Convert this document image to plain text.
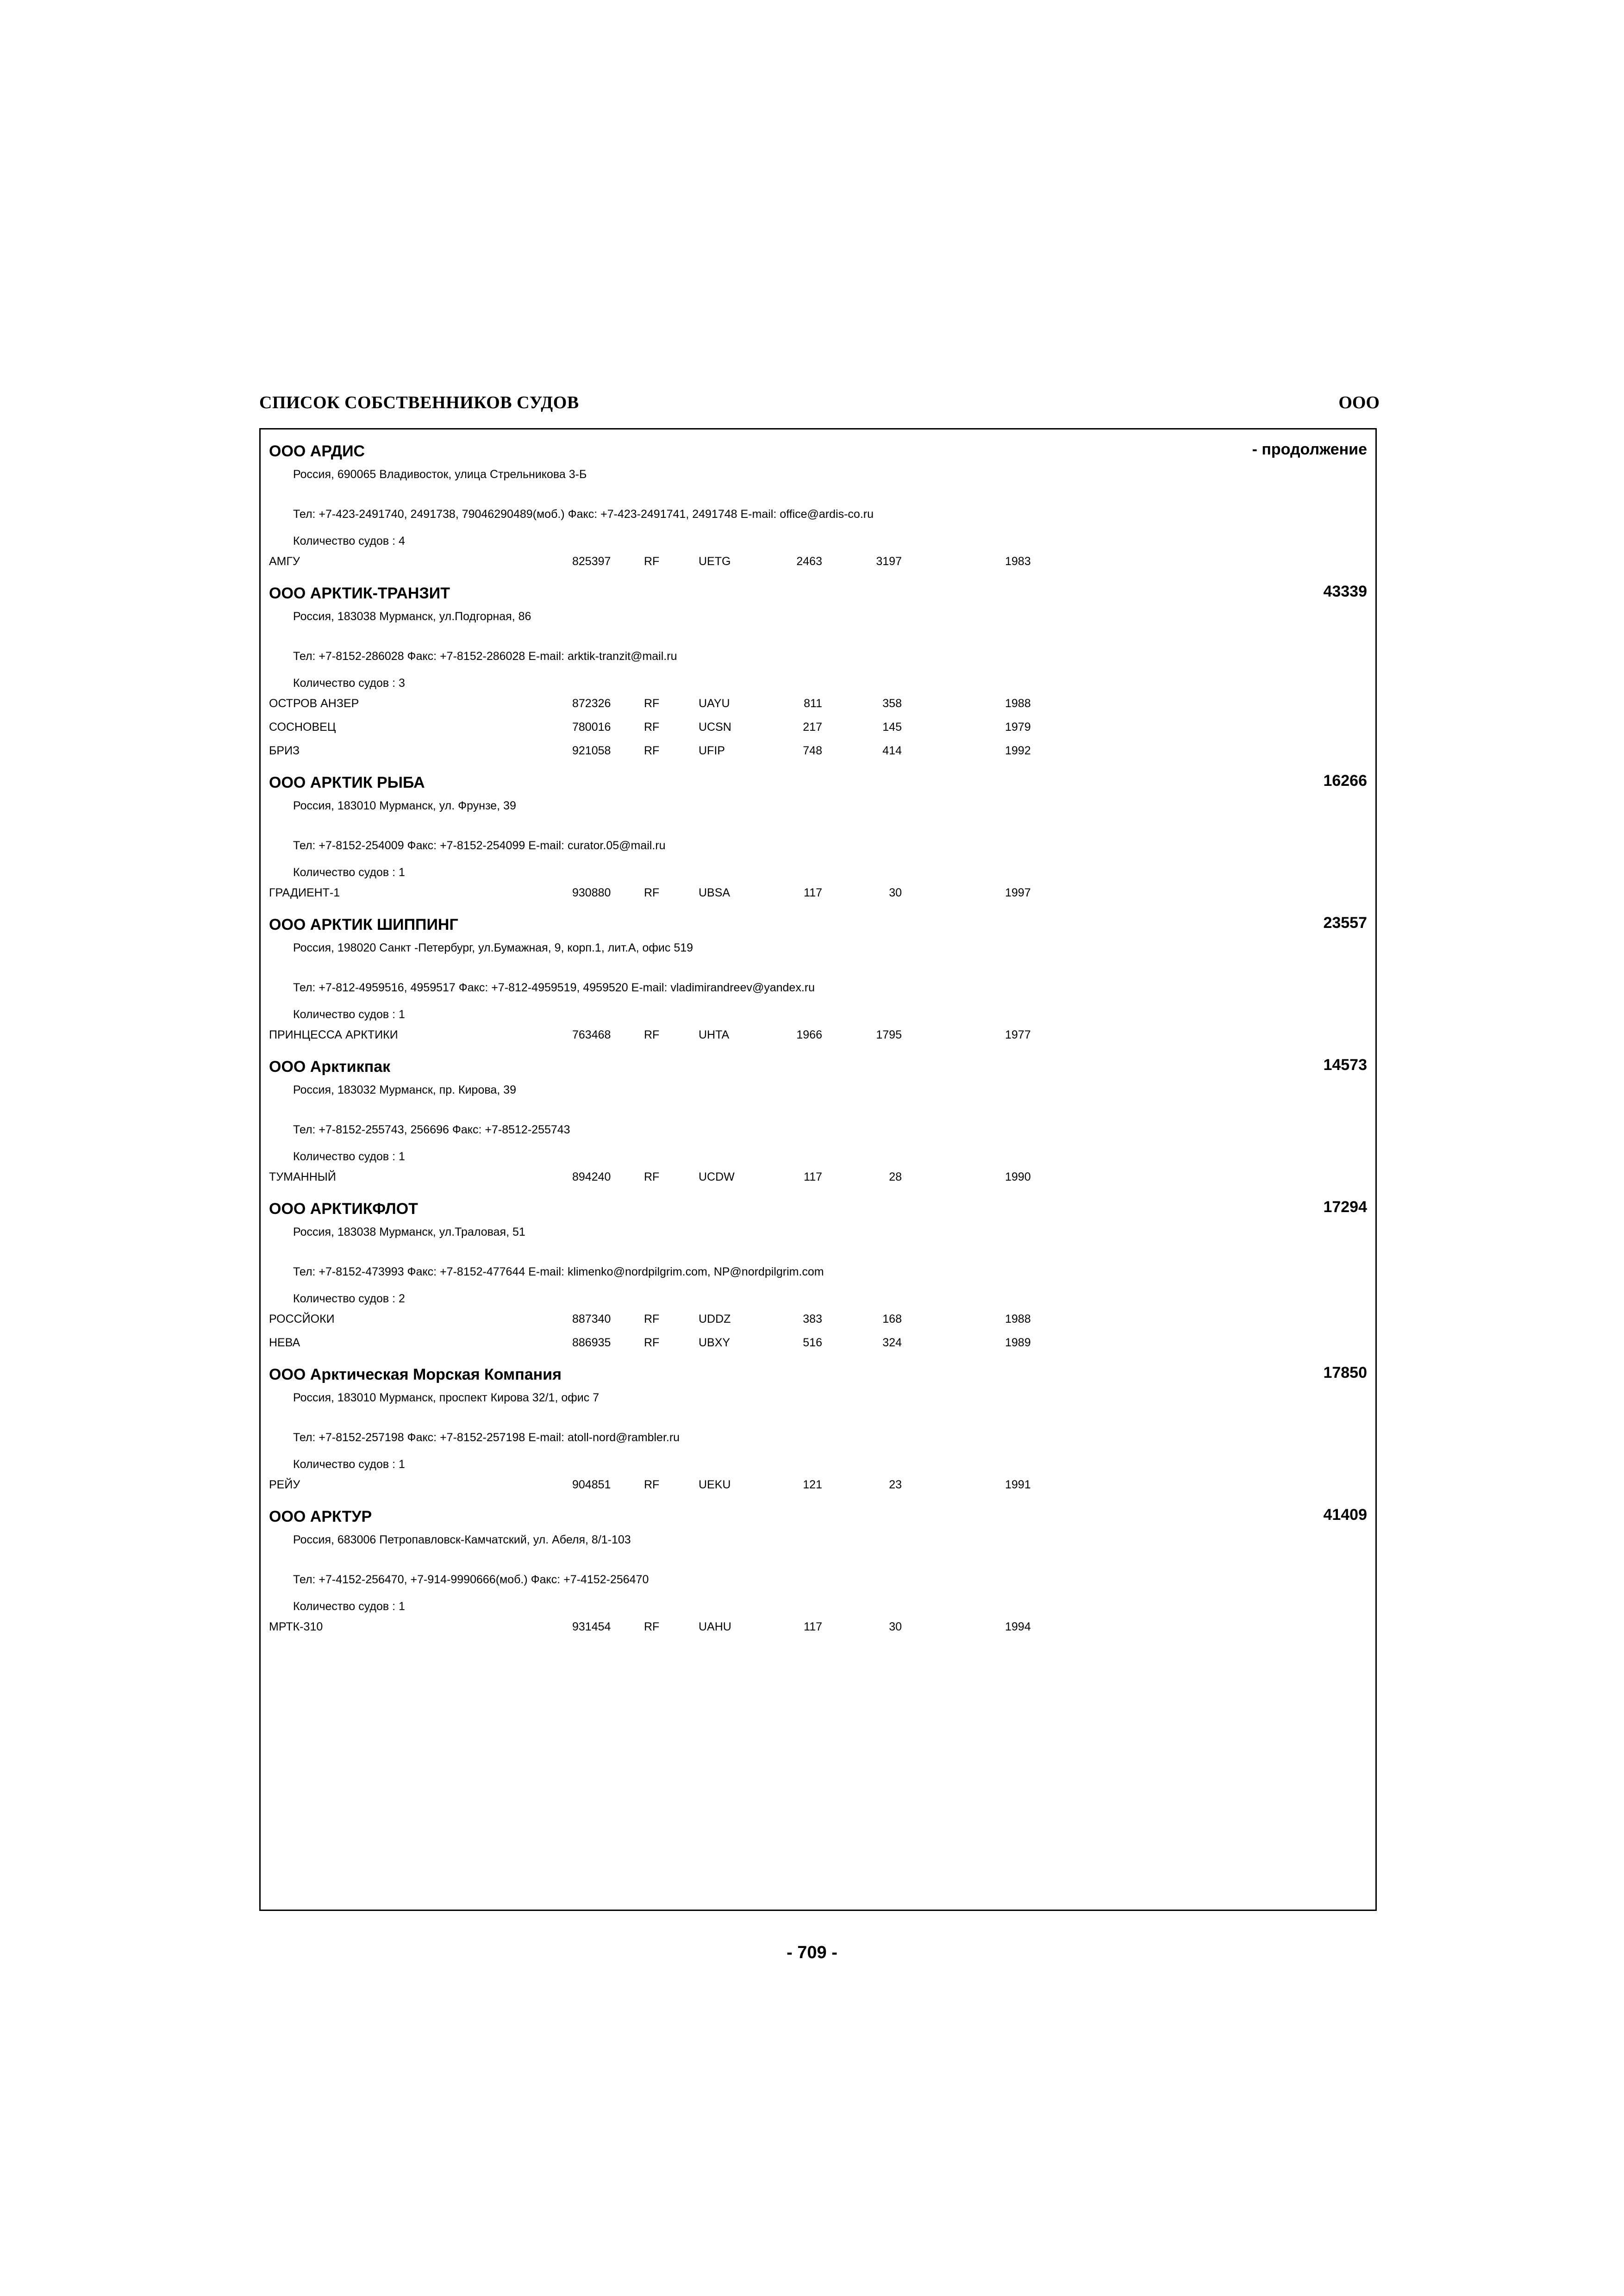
СПИСОК СОБСТВЕННИКОВ СУДОВ	ООО
ООО АРДИС	- продолжение
Россия, 690065 Владивосток, улица Стрельникова 3-Б
Тел: +7-423-2491740, 2491738, 79046290489(моб.) Факс: +7-423-2491741, 2491748 E-mail: office@ardis-co.ru
Количество судов : 4
АМГУ	825397	RF	UETG	2463	3197	1983
ООО АРКТИК-ТРАНЗИТ	43339
Россия, 183038 Мурманск, ул.Подгорная, 86
Тел: +7-8152-286028 Факс: +7-8152-286028 E-mail: arktik-tranzit@mail.ru
Количество судов : 3
ОСТРОВ АНЗЕР	872326	RF	UAYU	811	358	1988
СОСНОВЕЦ	780016	RF	UCSN	217	145	1979
БРИЗ	921058	RF	UFIP	748	414	1992
ООО АРКТИК РЫБА	16266
Россия, 183010 Мурманск, ул. Фрунзе, 39
Тел: +7-8152-254009 Факс: +7-8152-254099 E-mail: curator.05@mail.ru
Количество судов : 1
ГРАДИЕНТ-1	930880	RF	UBSA	117	30	1997
ООО АРКТИК ШИППИНГ	23557
Россия, 198020 Санкт -Петербург, ул.Бумажная, 9, корп.1, лит.А, офис 519
Тел: +7-812-4959516, 4959517 Факс: +7-812-4959519, 4959520 E-mail: vladimirandreev@yandex.ru
Количество судов : 1
ПРИНЦЕССА АРКТИКИ	763468	RF	UHTA	1966	1795	1977
ООО Арктикпак	14573
Россия, 183032 Мурманск, пр. Кирова, 39
Тел: +7-8152-255743, 256696 Факс: +7-8512-255743
Количество судов : 1
ТУМАННЫЙ	894240	RF	UCDW	117	28	1990
ООО АРКТИКФЛОТ	17294
Россия, 183038 Мурманск, ул.Траловая, 51
Тел: +7-8152-473993 Факс: +7-8152-477644 E-mail: klimenko@nordpilgrim.com, NP@nordpilgrim.com
Количество судов : 2
РОССЙОКИ	887340	RF	UDDZ	383	168	1988
НЕВА	886935	RF	UBXY	516	324	1989
ООО Арктическая Морская Компания	17850
Россия, 183010 Мурманск, проспект Кирова 32/1, офис 7
Тел: +7-8152-257198 Факс: +7-8152-257198 E-mail: atoll-nord@rambler.ru
Количество судов : 1
РЕЙУ	904851	RF	UEKU	121	23	1991
ООО АРКТУР	41409
Россия, 683006 Петропавловск-Камчатский, ул. Абеля, 8/1-103
Тел: +7-4152-256470, +7-914-9990666(моб.) Факс: +7-4152-256470
Количество судов : 1
МРТК-310	931454	RF	UAHU	117	30	1994
- 709 -
